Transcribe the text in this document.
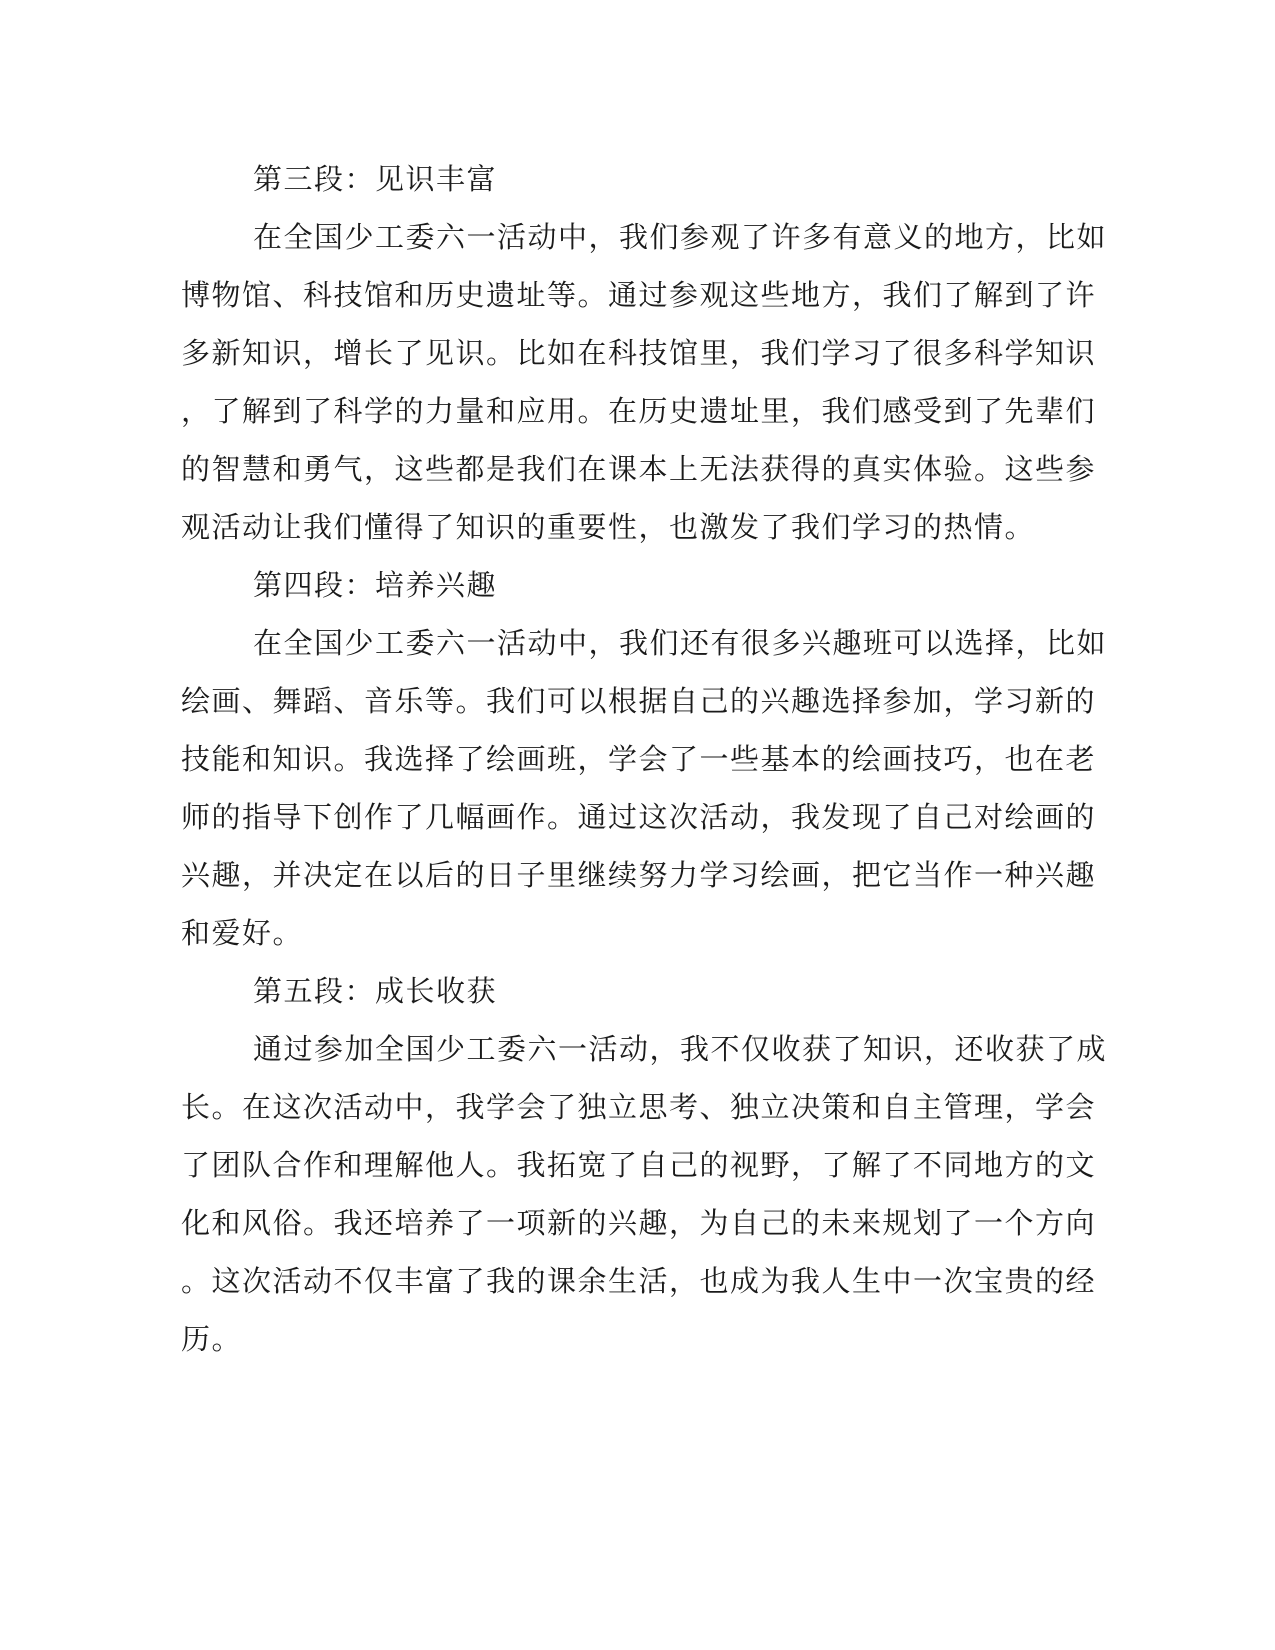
第三段：见识丰富

在全国少工委六一活动中，我们参观了许多有意义的地方，比如
博物馆、科技馆和历史遗址等。通过参观这些地方，我们了解到了许
多新知识，增长了见识。比如在科技馆里，我们学习了很多科学知识
，了解到了科学的力量和应用。在历史遗址里，我们感受到了先辈们
的智慧和勇气，这些都是我们在课本上无法获得的真实体验。这些参
观活动让我们懂得了知识的重要性，也激发了我们学习的热情。

第四段：培养兴趣

在全国少工委六一活动中，我们还有很多兴趣班可以选择，比如
绘画、舞蹈、音乐等。我们可以根据自己的兴趣选择参加，学习新的
技能和知识。我选择了绘画班，学会了一些基本的绘画技巧，也在老
师的指导下创作了几幅画作。通过这次活动，我发现了自己对绘画的
兴趣，并决定在以后的日子里继续努力学习绘画，把它当作一种兴趣
和爱好。

第五段：成长收获

通过参加全国少工委六一活动，我不仅收获了知识，还收获了成
长。在这次活动中，我学会了独立思考、独立决策和自主管理，学会
了团队合作和理解他人。我拓宽了自己的视野，了解了不同地方的文
化和风俗。我还培养了一项新的兴趣，为自己的未来规划了一个方向
。这次活动不仅丰富了我的课余生活，也成为我人生中一次宝贵的经
历。
